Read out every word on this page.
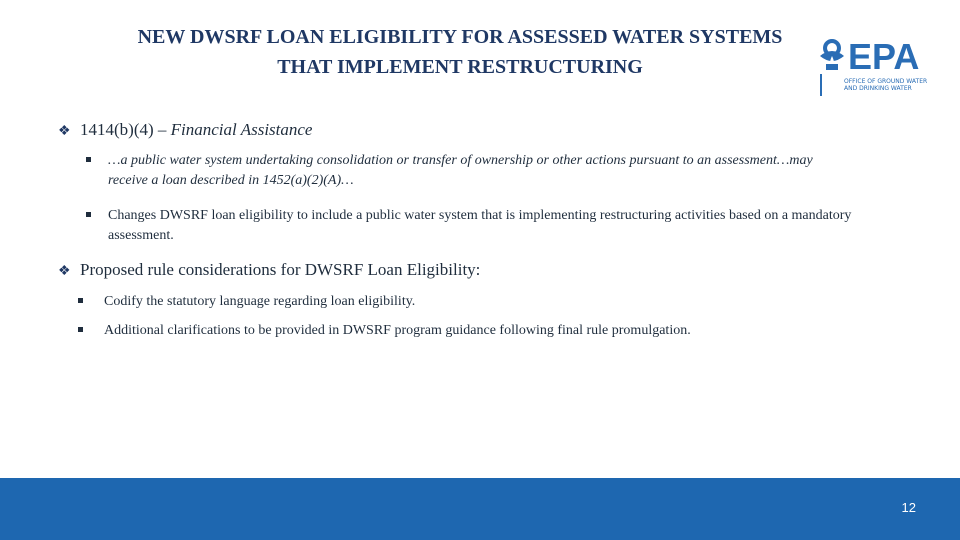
NEW DWSRF LOAN ELIGIBILITY FOR ASSESSED WATER SYSTEMS
THAT IMPLEMENT RESTRUCTURING	EPA
OFFICE OF GROUND WATER
AND DRINKING WATER
❖ 1414(b)(4) – Financial Assistance
…a public water system undertaking consolidation or transfer of ownership or other actions pursuant to an assessment…may receive a loan described in 1452(a)(2)(A)…
Changes DWSRF loan eligibility to include a public water system that is implementing restructuring activities based on a mandatory assessment.
❖ Proposed rule considerations for DWSRF Loan Eligibility:
Codify the statutory language regarding loan eligibility.
Additional clarifications to be provided in DWSRF program guidance following final rule promulgation.
12
